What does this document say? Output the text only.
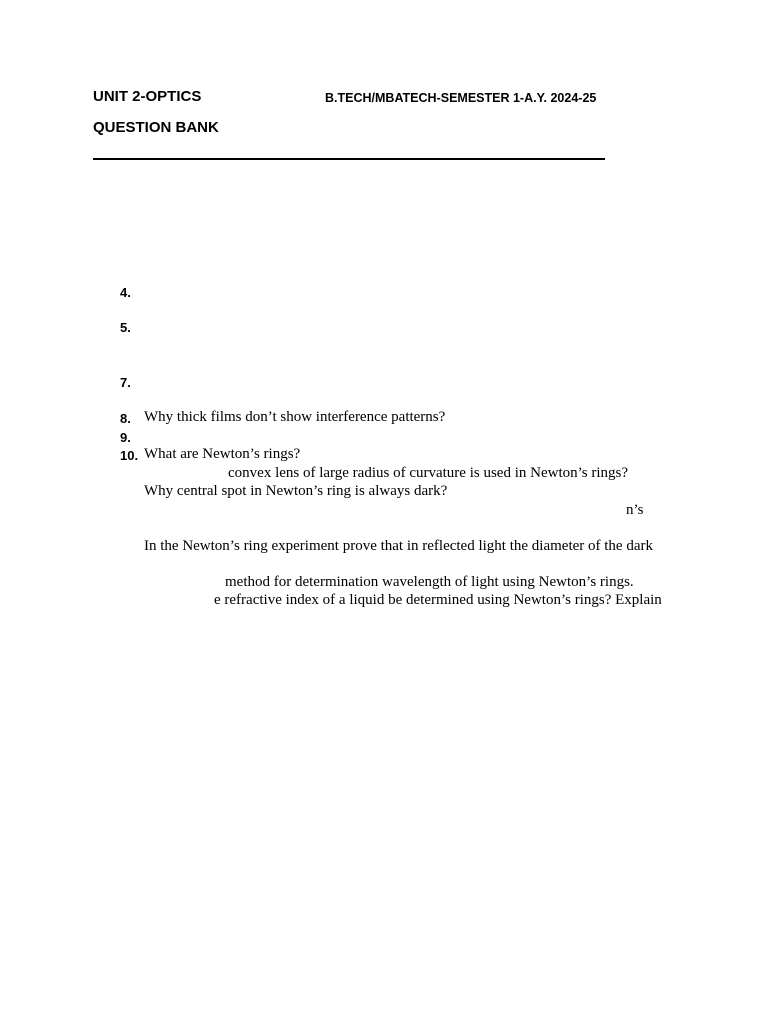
UNIT 2-OPTICS	B.TECH/MBATECH-SEMESTER 1-A.Y. 2024-25
QUESTION BANK
4.
5.
7.
8. Why thick films don’t show interference patterns?
9.
10. What are Newton’s rings?
convex lens of large radius of curvature is used in Newton’s rings?
Why central spot in Newton’s ring is always dark?
n’s
In the Newton’s ring experiment prove that in reflected light the diameter of the dark
method for determination wavelength of light using Newton’s rings.
e refractive index of a liquid be determined using Newton’s rings? Explain
